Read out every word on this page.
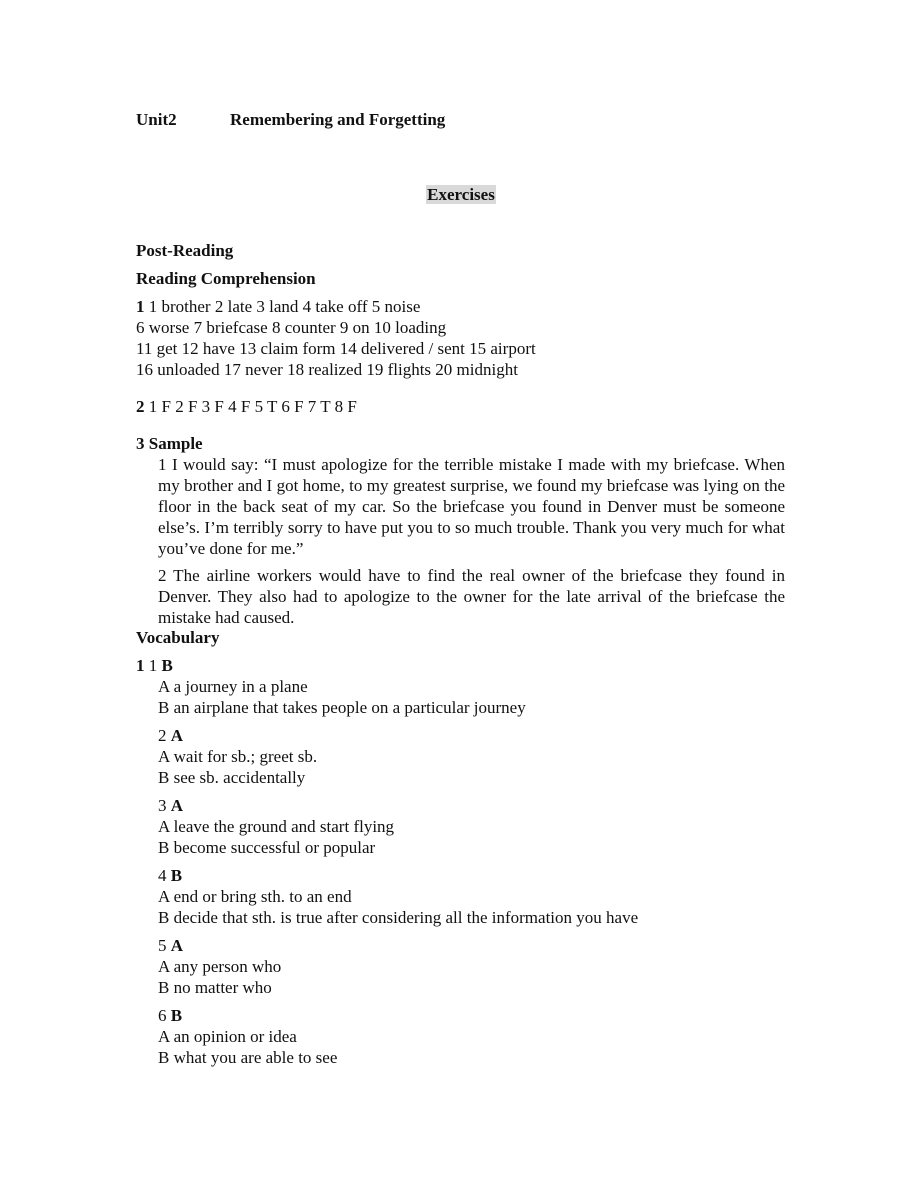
Unit2	Remembering and Forgetting
Exercises
Post-Reading
Reading Comprehension
1 1 brother 2 late 3 land 4 take off 5 noise
6 worse 7 briefcase 8 counter 9 on 10 loading
11 get 12 have 13 claim form 14 delivered / sent 15 airport
16 unloaded 17 never 18 realized 19 flights 20 midnight
2 1 F 2 F 3 F 4 F 5 T 6 F 7 T 8 F
3 Sample
1 I would say: “I must apologize for the terrible mistake I made with my briefcase. When my brother and I got home, to my greatest surprise, we found my briefcase was lying on the floor in the back seat of my car. So the briefcase you found in Denver must be someone else’s. I’m terribly sorry to have put you to so much trouble. Thank you very much for what you’ve done for me.”
2 The airline workers would have to find the real owner of the briefcase they found in Denver. They also had to apologize to the owner for the late arrival of the briefcase the mistake had caused.
Vocabulary
1 1 B
A a journey in a plane
B an airplane that takes people on a particular journey
2 A
A wait for sb.; greet sb.
B see sb. accidentally
3 A
A leave the ground and start flying
B become successful or popular
4 B
A end or bring sth. to an end
B decide that sth. is true after considering all the information you have
5 A
A any person who
B no matter who
6 B
A an opinion or idea
B what you are able to see
